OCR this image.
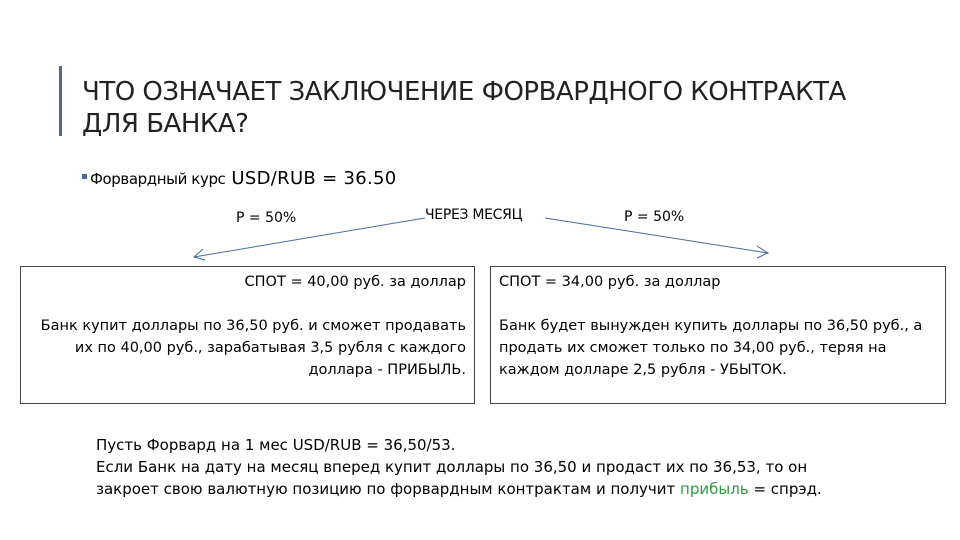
ЧТО ОЗНАЧАЕТ ЗАКЛЮЧЕНИЕ ФОРВАРДНОГО КОНТРАКТА ДЛЯ БАНКА?
Форвардный курс USD/RUB = 36.50
ЧЕРЕЗ МЕСЯЦ
P = 50%	P = 50%

СПОТ = 40,00 руб. за доллар

Банк купит доллары по 36,50 руб. и сможет продавать их по 40,00 руб., зарабатывая 3,5 рубля с каждого доллара - ПРИБЫЛЬ.

СПОТ = 34,00 руб. за доллар

Банк будет вынужден купить доллары по 36,50 руб., а продать их сможет только по 34,00 руб., теряя на каждом долларе 2,5 рубля - УБЫТОК.

Пусть Форвард на 1 мес USD/RUB = 36,50/53.

Если Банк на дату на месяц вперед купит доллары по 36,50 и продаст их по 36,53, то он закроет свою валютную позицию по форвардным контрактам и получит прибыль = спрэд.
